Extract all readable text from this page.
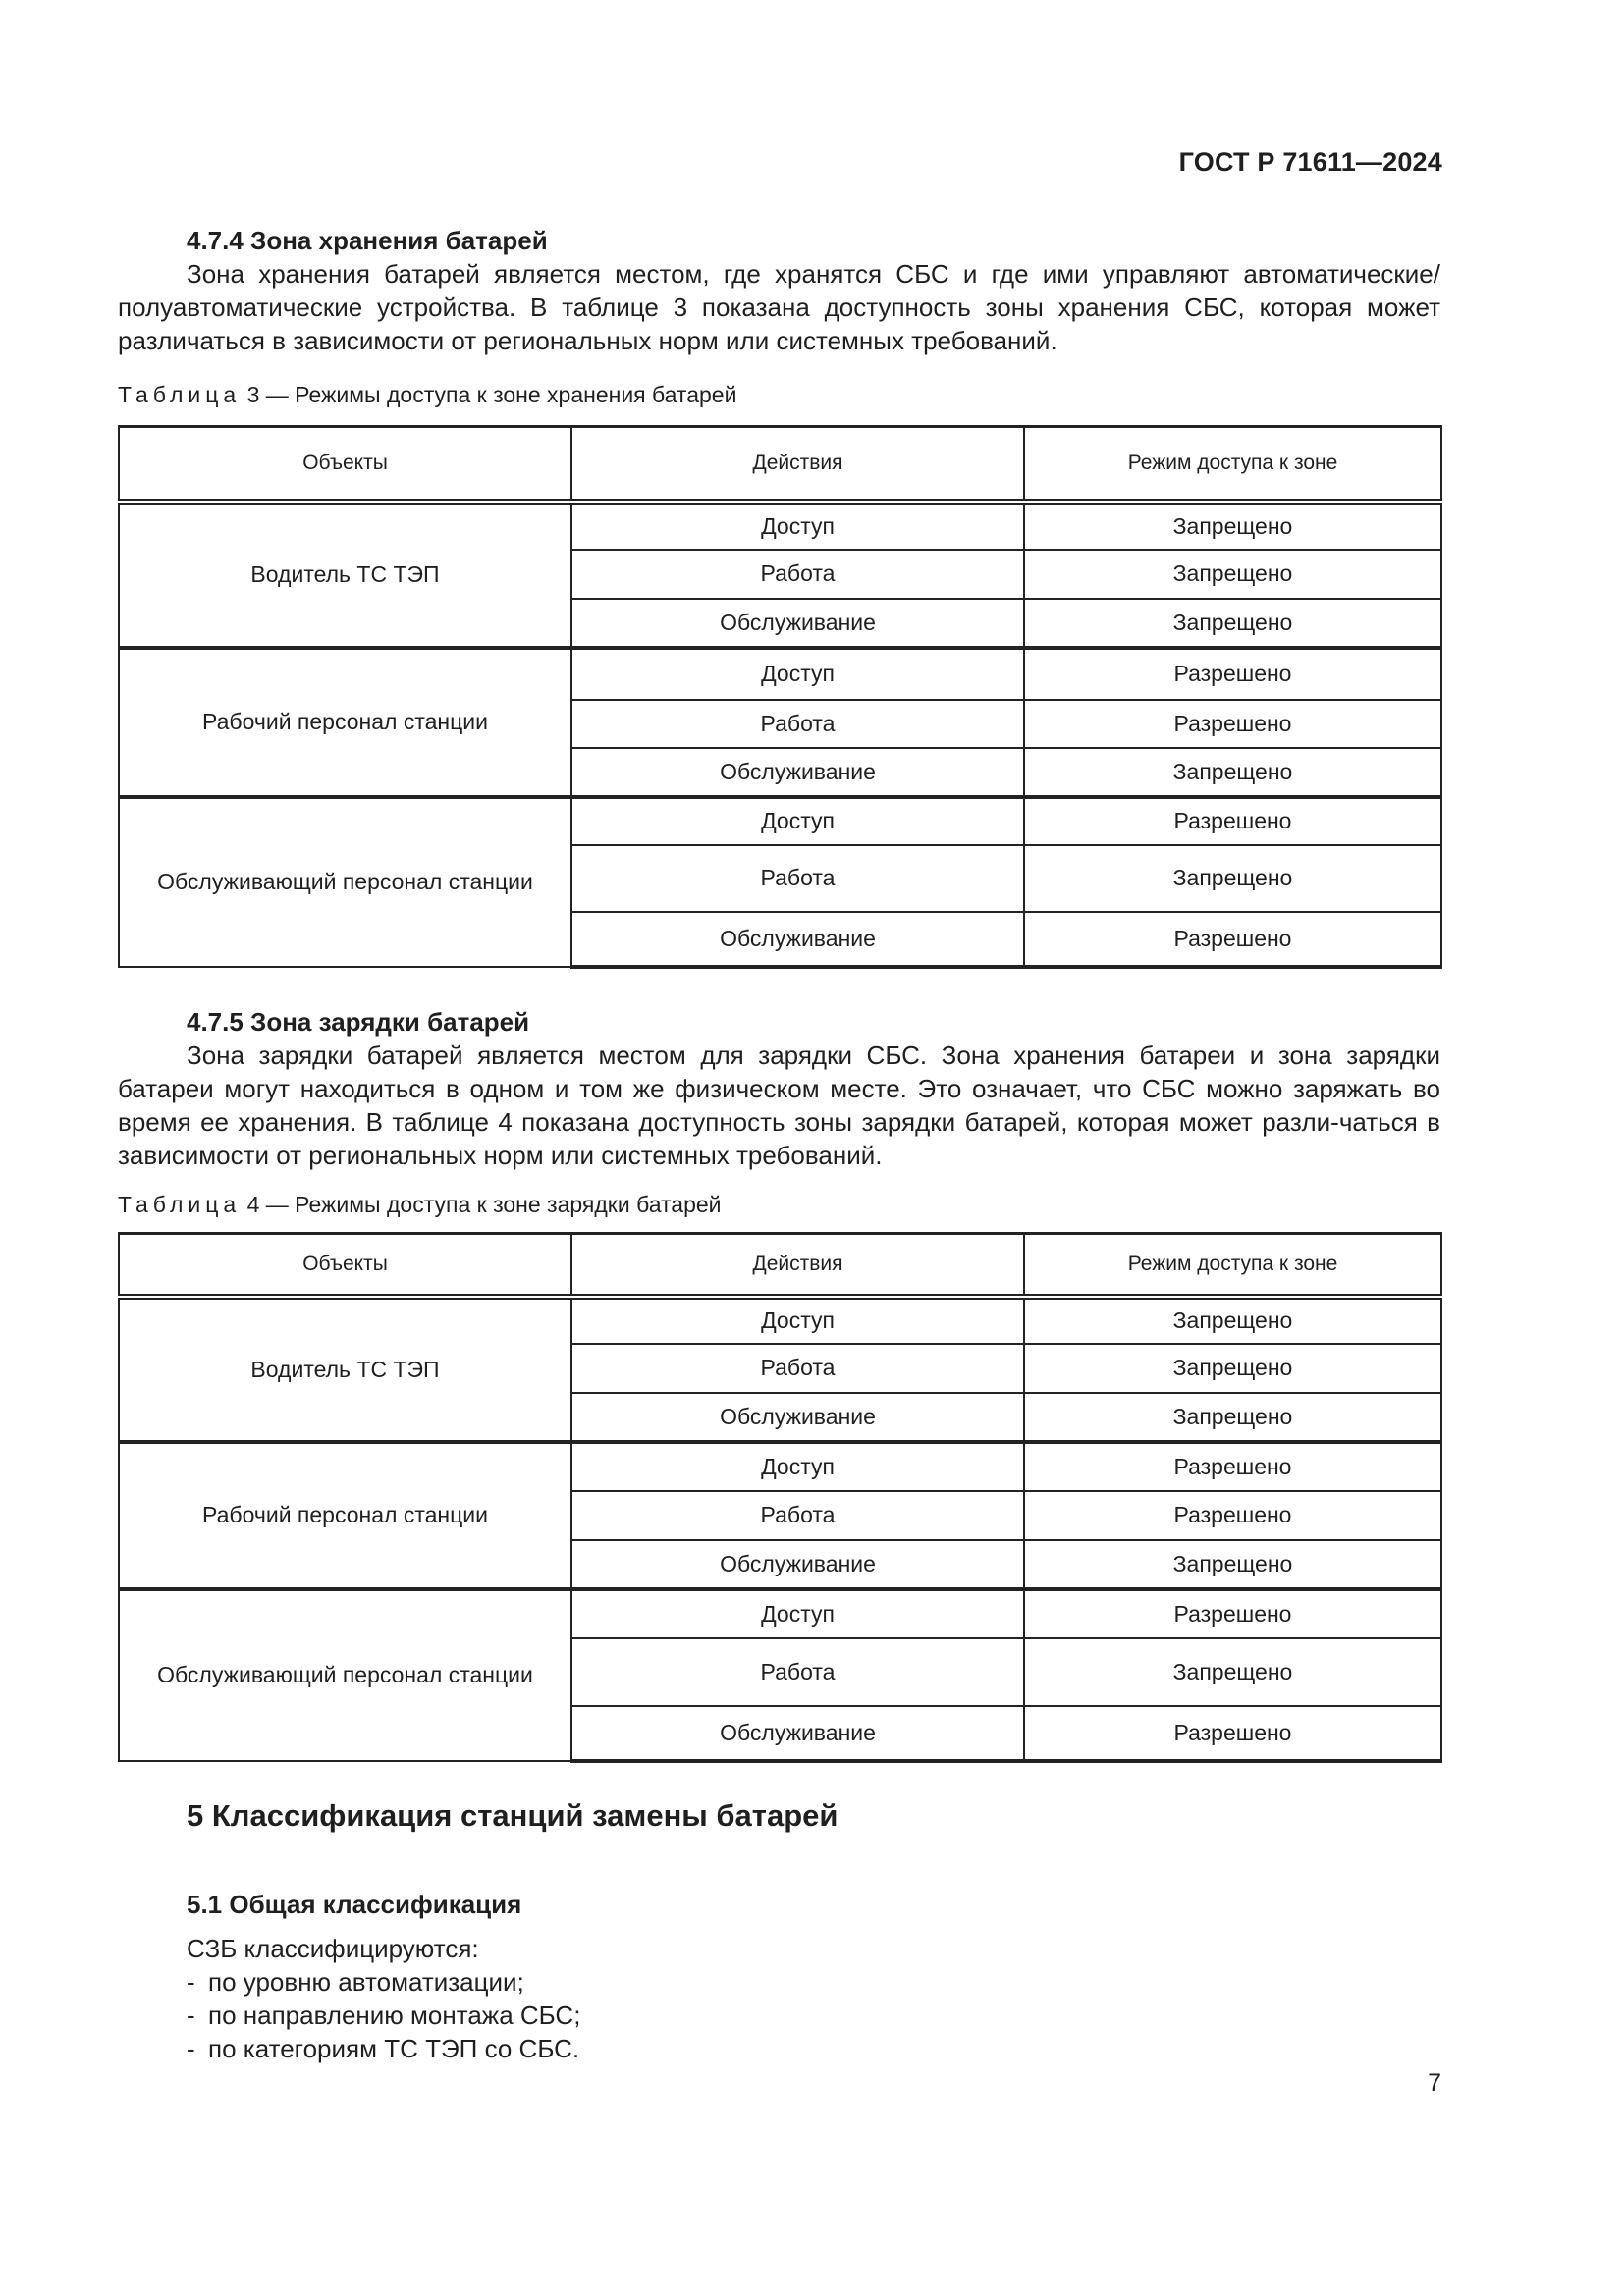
ГОСТ Р 71611—2024

4.7.4 Зона хранения батарей

Зона хранения батарей является местом, где хранятся СБС и где ими управляют автоматические/ полуавтоматические устройства. В таблице 3 показана доступность зоны хранения СБС, которая может различаться в зависимости от региональных норм или системных требований.

Таблица 3 — Режимы доступа к зоне хранения батарей

Объекты	Действия	Режим доступа к зоне
Водитель ТС ТЭП	Доступ	Запрещено
	Работа	Запрещено
	Обслуживание	Запрещено
Рабочий персонал станции	Доступ	Разрешено
	Работа	Разрешено
	Обслуживание	Запрещено
Обслуживающий персонал станции	Доступ	Разрешено
	Работа	Запрещено
	Обслуживание	Разрешено

4.7.5 Зона зарядки батарей

Зона зарядки батарей является местом для зарядки СБС. Зона хранения батареи и зона зарядки батареи могут находиться в одном и том же физическом месте. Это означает, что СБС можно заряжать во время ее хранения. В таблице 4 показана доступность зоны зарядки батарей, которая может разли-чаться в зависимости от региональных норм или системных требований.

Таблица 4 — Режимы доступа к зоне зарядки батарей

Объекты	Действия	Режим доступа к зоне
Водитель ТС ТЭП	Доступ	Запрещено
	Работа	Запрещено
	Обслуживание	Запрещено
Рабочий персонал станции	Доступ	Разрешено
	Работа	Разрешено
	Обслуживание	Запрещено
Обслуживающий персонал станции	Доступ	Разрешено
	Работа	Запрещено
	Обслуживание	Разрешено
5 Классификация станций замены батарей
5.1 Общая классификация
СЗБ классифицируются:
- по уровню автоматизации;
- по направлению монтажа СБС;
- по категориям ТС ТЭП со СБС.
7
